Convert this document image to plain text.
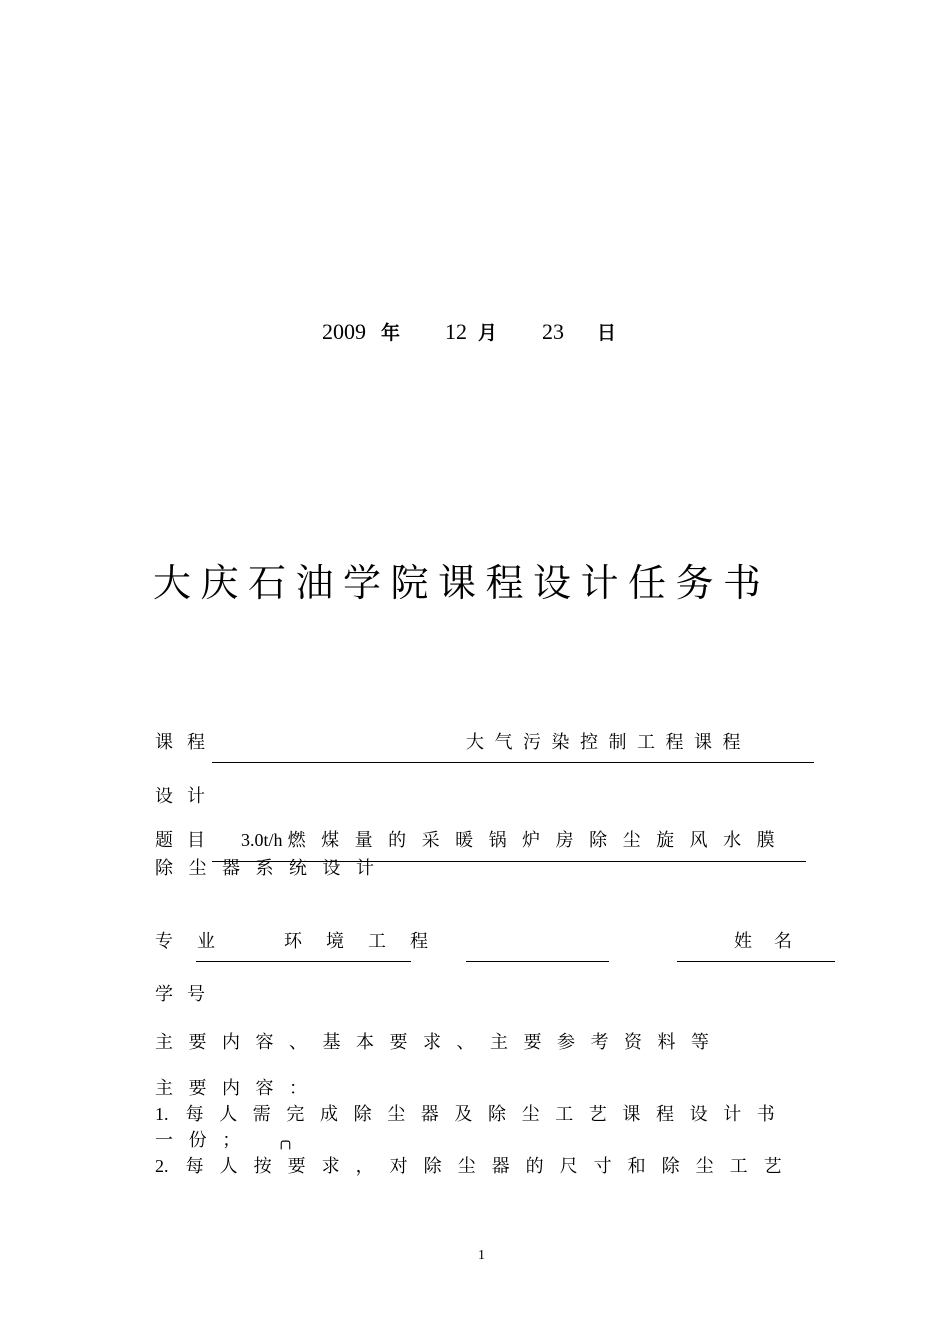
2009 年 12 月 23 日
大庆石油学院课程设计任务书
课程	大气污染控制工程课程
设计
题目 3.0t/h 燃煤量的采暖锅炉房除尘旋风水膜
除尘器系统设计
专业	环境工程	姓名
学号
主要内容、基本要求、主要参考资料等
主要内容：
1. 每人需完成除尘器及除尘工艺课程设计书
一份； ╭╮
2. 每人按要求，对除尘器的尺寸和除尘工艺
1
